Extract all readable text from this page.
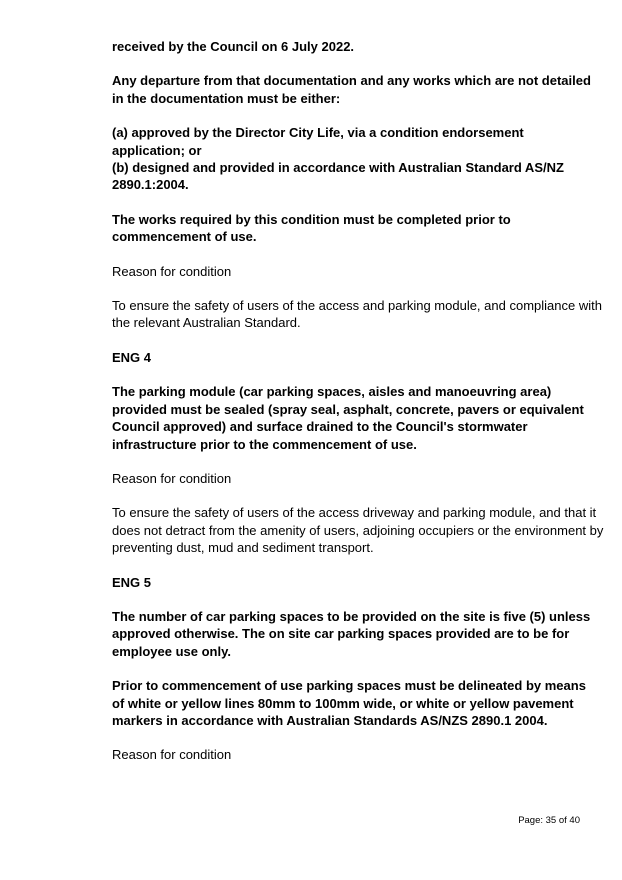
received by the Council on 6 July 2022.
Any departure from that documentation and any works which are not detailed
in the documentation must be either:
(a) approved by the Director City Life, via a condition endorsement
application; or
(b) designed and provided in accordance with Australian Standard AS/NZ
2890.1:2004.
The works required by this condition must be completed prior to
commencement of use.
Reason for condition
To ensure the safety of users of the access and parking module, and compliance with
the relevant Australian Standard.
ENG 4
The parking module (car parking spaces, aisles and manoeuvring area)
provided must be sealed (spray seal, asphalt, concrete, pavers or equivalent
Council approved) and surface drained to the Council's stormwater
infrastructure prior to the commencement of use.
Reason for condition
To ensure the safety of users of the access driveway and parking module, and that it
does not detract from the amenity of users, adjoining occupiers or the environment by
preventing dust, mud and sediment transport.
ENG 5
The number of car parking spaces to be provided on the site is five (5) unless
approved otherwise. The on site car parking spaces provided are to be for
employee use only.
Prior to commencement of use parking spaces must be delineated by means
of white or yellow lines 80mm to 100mm wide, or white or yellow pavement
markers in accordance with Australian Standards AS/NZS 2890.1 2004.
Reason for condition
Page: 35 of 40
